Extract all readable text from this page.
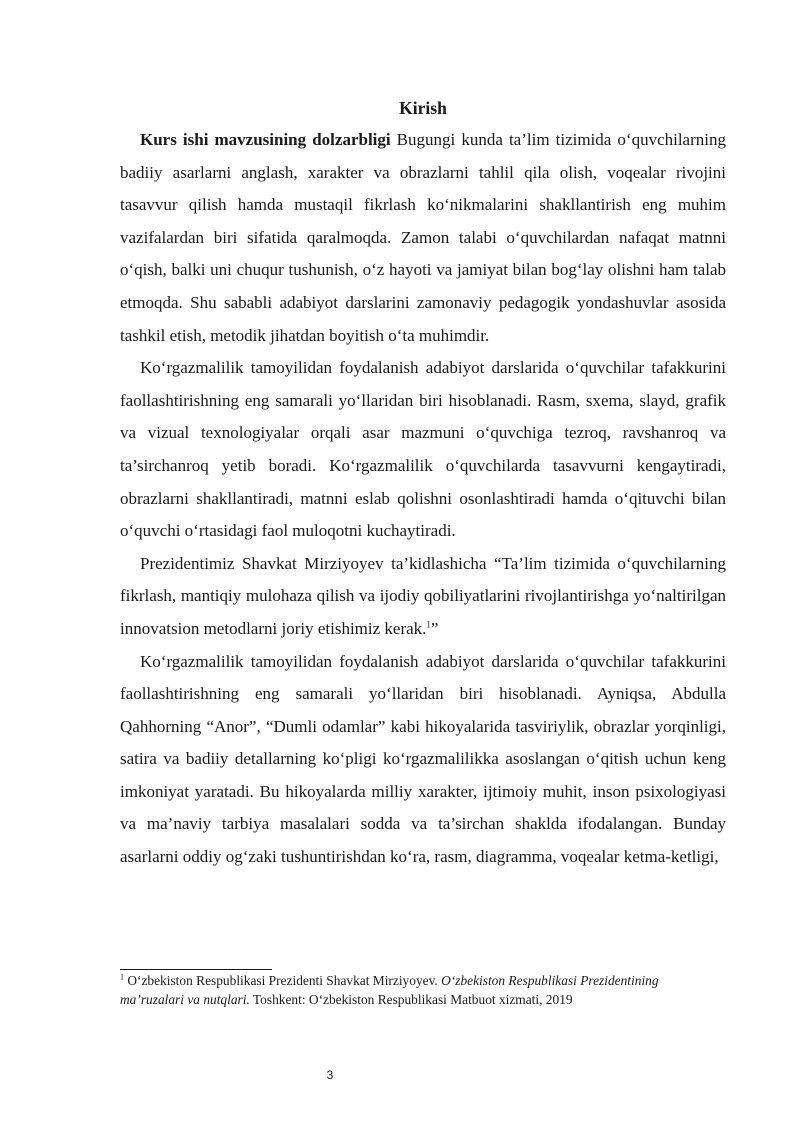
Kirish

Kurs ishi mavzusining dolzarbligi Bugungi kunda ta’lim tizimida o‘quvchilarning badiiy asarlarni anglash, xarakter va obrazlarni tahlil qila olish, voqealar rivojini tasavvur qilish hamda mustaqil fikrlash ko‘nikmalarini shakllantirish eng muhim vazifalardan biri sifatida qaralmoqda. Zamon talabi o‘quvchilardan nafaqat matnni o‘qish, balki uni chuqur tushunish, o‘z hayoti va jamiyat bilan bog‘lay olishni ham talab etmoqda. Shu sababli adabiyot darslarini zamonaviy pedagogik yondashuvlar asosida tashkil etish, metodik jihatdan boyitish o‘ta muhimdir.

Ko‘rgazmalilik tamoyilidan foydalanish adabiyot darslarida o‘quvchilar tafakkurini faollashtirishning eng samarali yo‘llaridan biri hisoblanadi. Rasm, sxema, slayd, grafik va vizual texnologiyalar orqali asar mazmuni o‘quvchiga tezroq, ravshanroq va ta’sirchanroq yetib boradi. Ko‘rgazmalilik o‘quvchilarda tasavvurni kengaytiradi, obrazlarni shakllantiradi, matnni eslab qolishni osonlashtiradi hamda o‘qituvchi bilan o‘quvchi o‘rtasidagi faol muloqotni kuchaytiradi.

Prezidentimiz Shavkat Mirziyoyev ta’kidlashicha “Ta’lim tizimida o‘quvchilarning fikrlash, mantiqiy mulohaza qilish va ijodiy qobiliyatlarini rivojlantirishga yo‘naltirilgan innovatsion metodlarni joriy etishimiz kerak.$^1$”

Ko‘rgazmalilik tamoyilidan foydalanish adabiyot darslarida o‘quvchilar tafakkurini faollashtirishning eng samarali yo‘llaridan biri hisoblanadi. Ayniqsa, Abdulla Qahhorning “Anor”, “Dumli odamlar” kabi hikoyalarida tasviriylik, obrazlar yorqinligi, satira va badiiy detallarning ko‘pligi ko‘rgazmalilikka asoslangan o‘qitish uchun keng imkoniyat yaratadi. Bu hikoyalarda milliy xarakter, ijtimoiy muhit, inson psixologiyasi va ma’naviy tarbiya masalalari sodda va ta’sirchan shaklda ifodalangan. Bunday asarlarni oddiy og‘zaki tushuntirishdan ko‘ra, rasm, diagramma, voqealar ketma-ketligi,

$^1$ O‘zbekiston Respublikasi Prezidenti Shavkat Mirziyoyev. O‘zbekiston Respublikasi Prezidentining ma’ruzalari va nutqlari. Toshkent: O‘zbekiston Respublikasi Matbuot xizmati, 2019
3
